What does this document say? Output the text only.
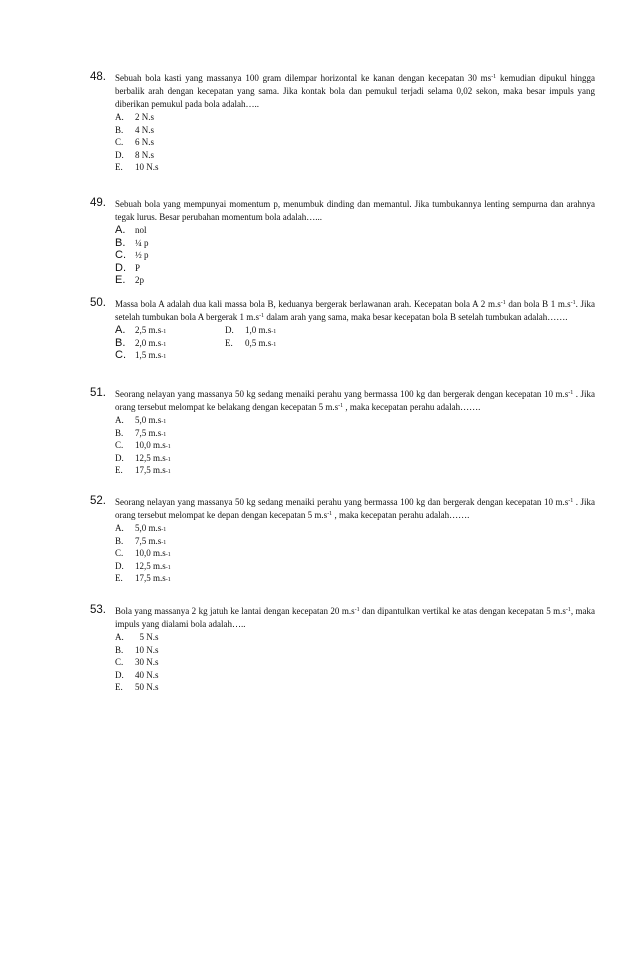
48. Sebuah bola kasti yang massanya 100 gram dilempar horizontal ke kanan dengan kecepatan 30 $ms^{-1}$ kemudian dipukul hingga berbalik arah dengan kecepatan yang sama. Jika kontak bola dan pemukul terjadi selama 0,02 sekon, maka besar impuls yang diberikan pemukul pada bola adalah…..
A.	2 N.s
B.	4 N.s
C.	6 N.s
D.	8 N.s
E.	10 N.s
49. Sebuah bola yang mempunyai momentum p, menumbuk dinding dan memantul. Jika tumbukannya lenting sempurna dan arahnya tegak lurus. Besar perubahan momentum bola adalah…...
A.	nol
B.	¼ p
C.	½ p
D.	P
E.	2p
50. Massa bola A adalah dua kali massa bola B, keduanya bergerak berlawanan arah. Kecepatan bola A 2 $m.s^{-1}$ dan bola B 1 $m.s^{-1}$. Jika setelah tumbukan bola A bergerak 1 $m.s^{-1}$ dalam arah yang sama, maka besar kecepatan bola B setelah tumbukan adalah…….
A.	2,5 m.s -1	D.	1,0 m.s -1
B.	2,0 m.s -1	E.	0,5 m.s -1
C.	1,5 m.s -1
51. Seorang nelayan yang massanya 50 kg sedang menaiki perahu yang bermassa 100 kg dan bergerak dengan kecepatan 10 $m.s^{-1}$ . Jika orang tersebut melompat ke belakang dengan kecepatan 5 $m.s^{-1}$ , maka kecepatan perahu adalah…….
A.	5,0 m.s -1
B.	7,5 m.s -1
C.	10,0 m.s -1
D.	12,5 m.s -1
E.	17,5 m.s -1
52. Seorang nelayan yang massanya 50 kg sedang menaiki perahu yang bermassa 100 kg dan bergerak dengan kecepatan 10 $m.s^{-1}$ . Jika orang tersebut melompat ke depan dengan kecepatan 5 $m.s^{-1}$ , maka kecepatan perahu adalah…….
A.	5,0 m.s -1
B.	7,5 m.s -1
C.	10,0 m.s -1
D.	12,5 m.s -1
E.	17,5 m.s -1
53. Bola yang massanya 2 kg jatuh ke lantai dengan kecepatan 20 $m.s^{-1}$ dan dipantulkan vertikal ke atas dengan kecepatan 5 $m.s^{-1}$, maka impuls yang dialami bola adalah…..
A.	5 N.s
B.	10 N.s
C.	30 N.s
D.	40 N.s
E.	50 N.s
